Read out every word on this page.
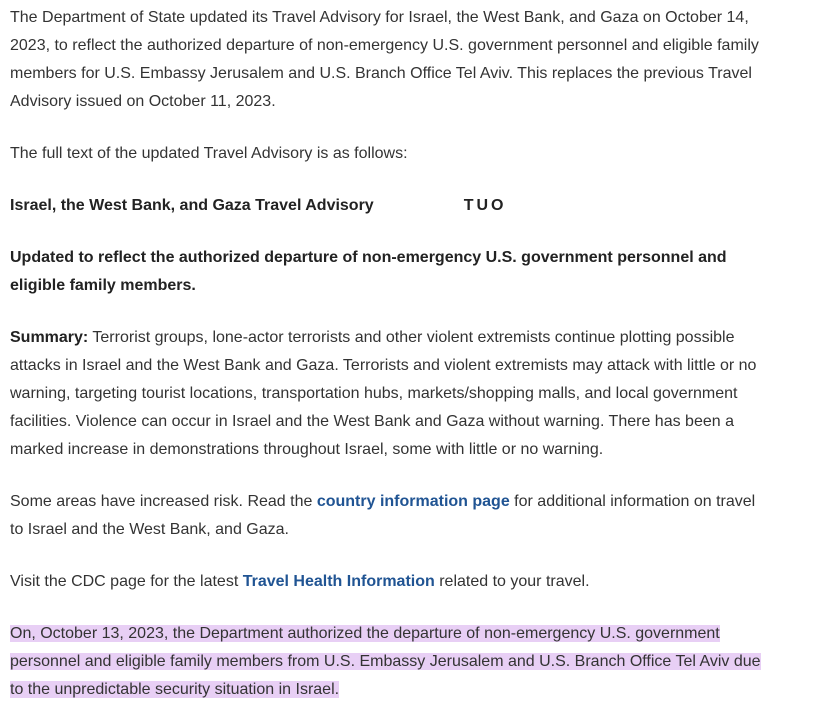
The Department of State updated its Travel Advisory for Israel, the West Bank, and Gaza on October 14, 2023, to reflect the authorized departure of non-emergency U.S. government personnel and eligible family members for U.S. Embassy Jerusalem and U.S. Branch Office Tel Aviv. This replaces the previous Travel Advisory issued on October 11, 2023.

The full text of the updated Travel Advisory is as follows:

Israel, the West Bank, and Gaza Travel Advisory	TUO

Updated to reflect the authorized departure of non-emergency U.S. government personnel and eligible family members.

Summary: Terrorist groups, lone-actor terrorists and other violent extremists continue plotting possible attacks in Israel and the West Bank and Gaza. Terrorists and violent extremists may attack with little or no warning, targeting tourist locations, transportation hubs, markets/shopping malls, and local government facilities. Violence can occur in Israel and the West Bank and Gaza without warning. There has been a marked increase in demonstrations throughout Israel, some with little or no warning.

Some areas have increased risk. Read the country information page for additional information on travel to Israel and the West Bank, and Gaza.

Visit the CDC page for the latest Travel Health Information related to your travel.

On, October 13, 2023, the Department authorized the departure of non-emergency U.S. government personnel and eligible family members from U.S. Embassy Jerusalem and U.S. Branch Office Tel Aviv due to the unpredictable security situation in Israel.
